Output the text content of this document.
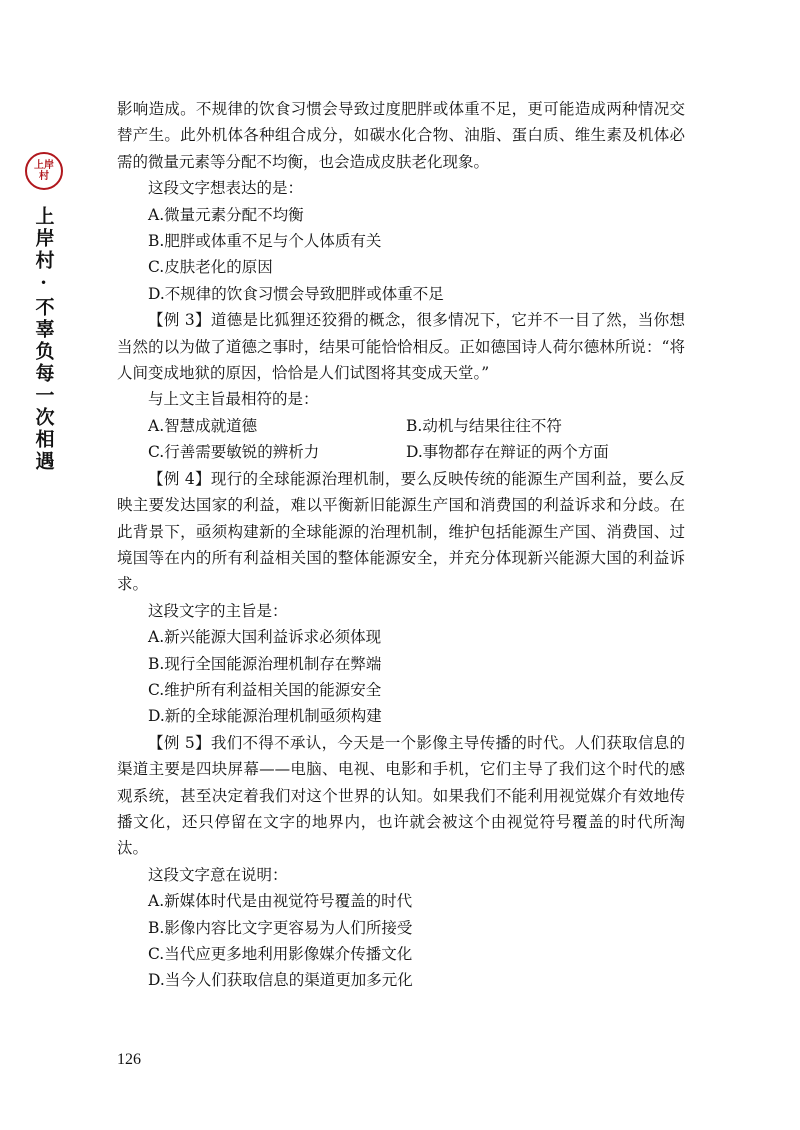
上岸
村
上岸村·不辜负每一次相遇

影响造成。不规律的饮食习惯会导致过度肥胖或体重不足，更可能造成两种情况交替产生。此外机体各种组合成分，如碳水化合物、油脂、蛋白质、维生素及机体必需的微量元素等分配不均衡，也会造成皮肤老化现象。

这段文字想表达的是：

A.微量元素分配不均衡

B.肥胖或体重不足与个人体质有关

C.皮肤老化的原因

D.不规律的饮食习惯会导致肥胖或体重不足

【例 3】道德是比狐狸还狡猾的概念，很多情况下，它并不一目了然，当你想当然的以为做了道德之事时，结果可能恰恰相反。正如德国诗人荷尔德林所说：“将人间变成地狱的原因，恰恰是人们试图将其变成天堂。”

与上文主旨最相符的是：

A.智慧成就道德	B.动机与结果往往不符
C.行善需要敏锐的辨析力	D.事物都存在辩证的两个方面

【例 4】现行的全球能源治理机制，要么反映传统的能源生产国利益，要么反映主要发达国家的利益，难以平衡新旧能源生产国和消费国的利益诉求和分歧。在此背景下，亟须构建新的全球能源的治理机制，维护包括能源生产国、消费国、过境国等在内的所有利益相关国的整体能源安全，并充分体现新兴能源大国的利益诉求。

这段文字的主旨是：

A.新兴能源大国利益诉求必须体现

B.现行全国能源治理机制存在弊端

C.维护所有利益相关国的能源安全

D.新的全球能源治理机制亟须构建

【例 5】我们不得不承认，今天是一个影像主导传播的时代。人们获取信息的渠道主要是四块屏幕——电脑、电视、电影和手机，它们主导了我们这个时代的感观系统，甚至决定着我们对这个世界的认知。如果我们不能利用视觉媒介有效地传播文化，还只停留在文字的地界内，也许就会被这个由视觉符号覆盖的时代所淘汰。

这段文字意在说明：

A.新媒体时代是由视觉符号覆盖的时代

B.影像内容比文字更容易为人们所接受

C.当代应更多地利用影像媒介传播文化

D.当今人们获取信息的渠道更加多元化

126
